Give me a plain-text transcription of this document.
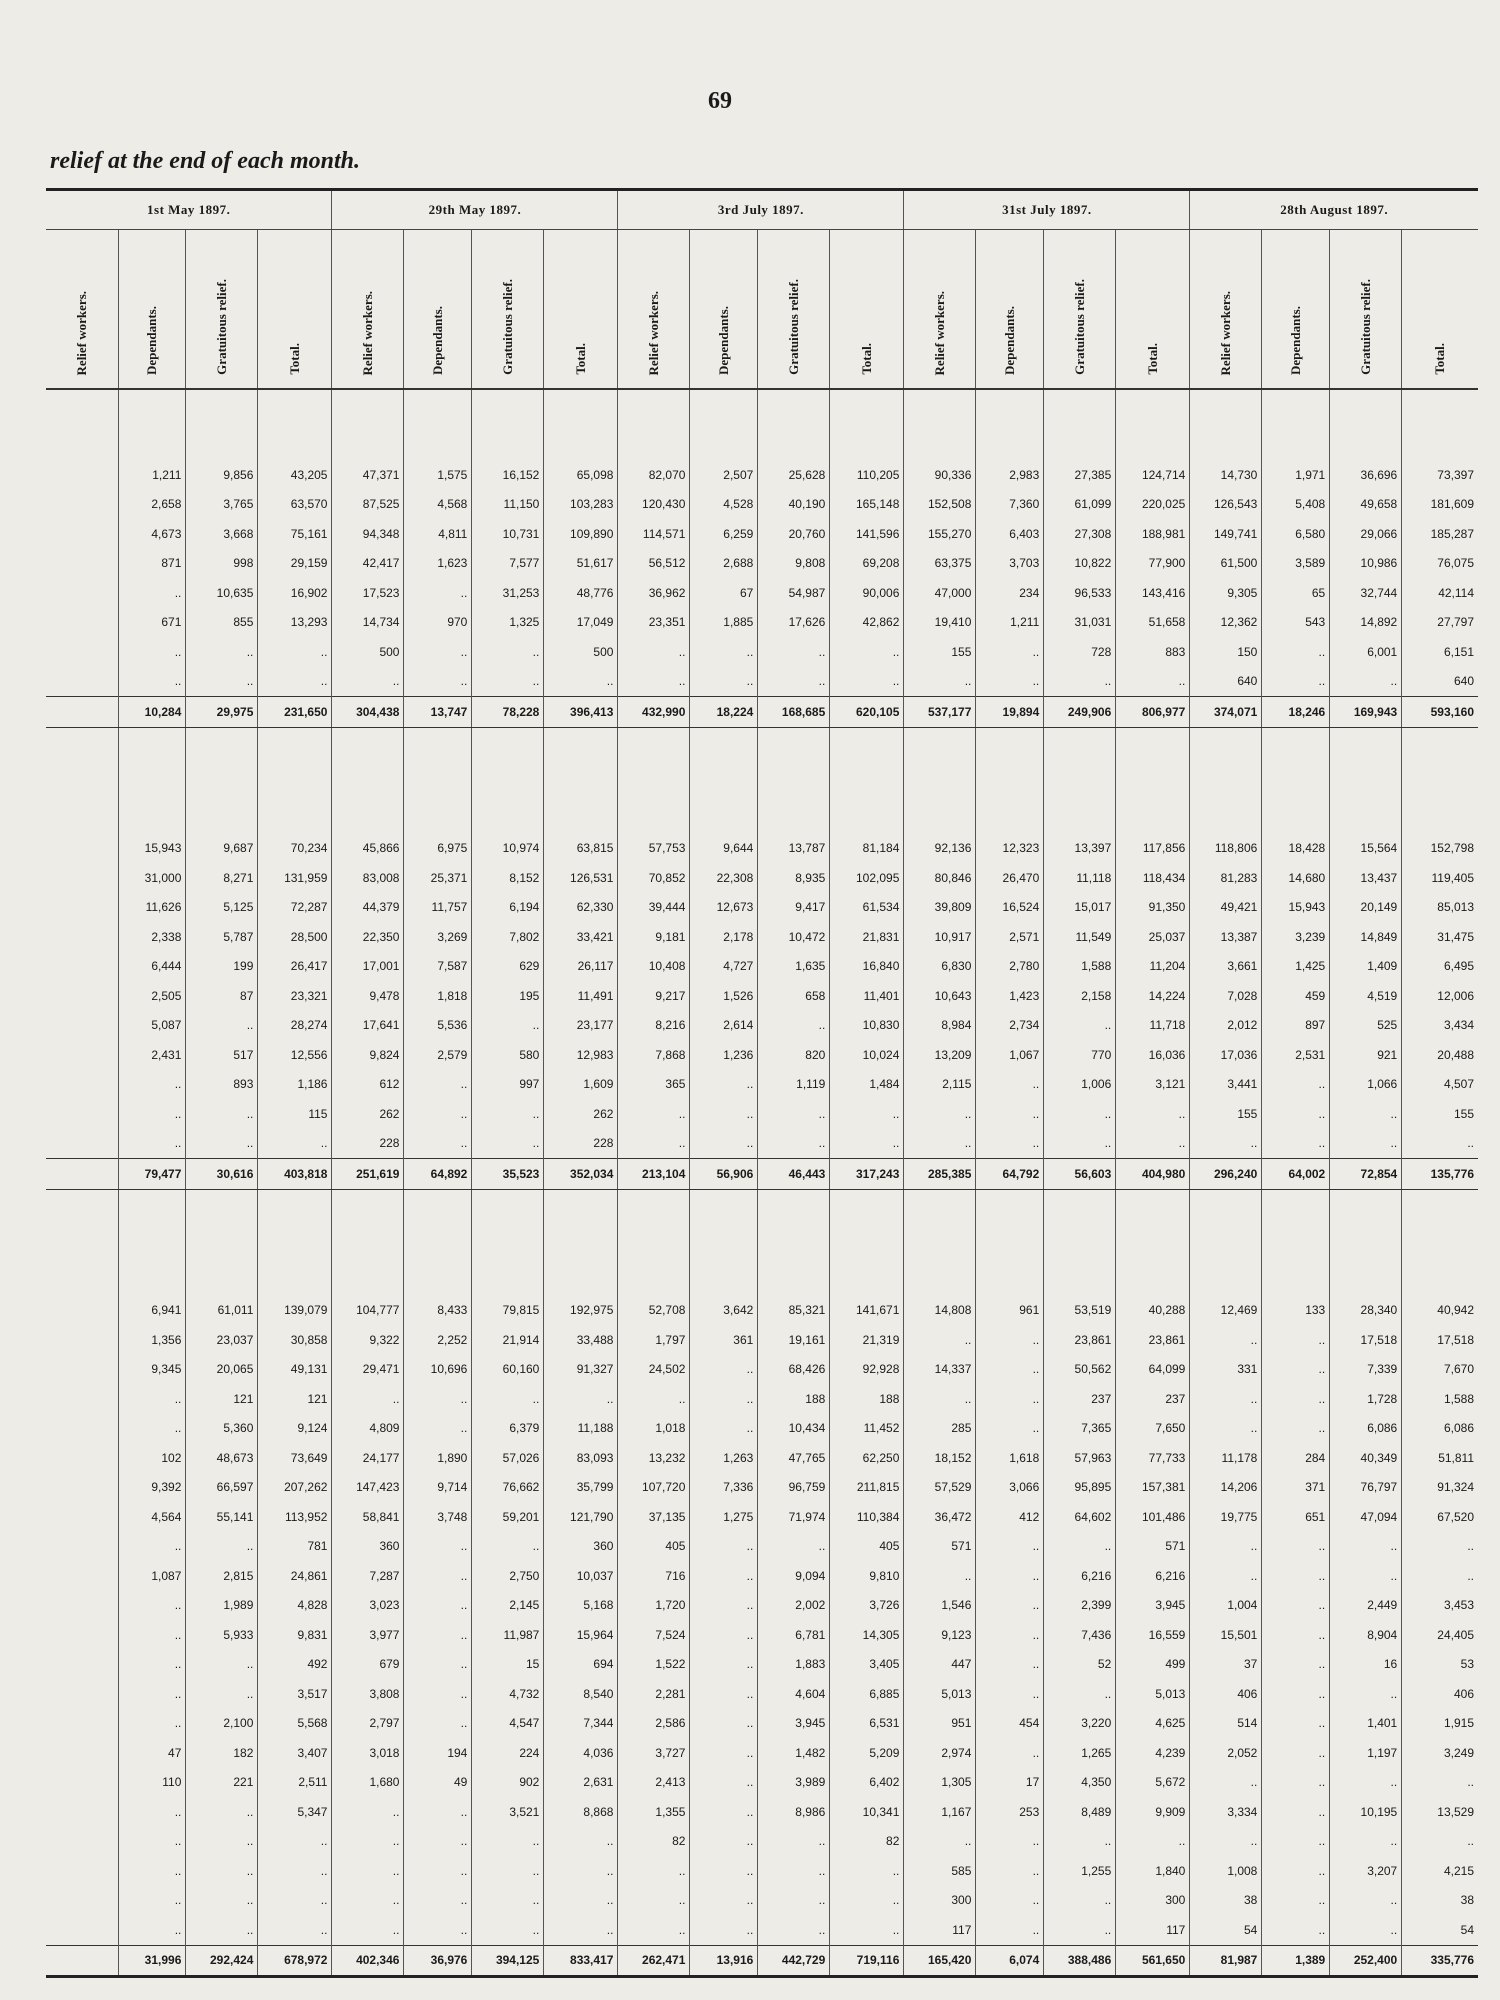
69
relief at the end of each month.
1st May 1897.				29th May 1897.				3rd July 1897.				31st July 1897.				28th August 1897.			
Relief workers.	Dependants.	Gratuitous relief.	Total.	Relief workers.	Dependants.	Gratuitous relief.	Total.	Relief workers.	Dependants.	Gratuitous relief.	Total.	Relief workers.	Dependants.	Gratuitous relief.	Total.	Relief workers.	Dependants.	Gratuitous relief.	Total.

	1,211	9,856	43,205	47,371	1,575	16,152	65,098	82,070	2,507	25,628	110,205	90,336	2,983	27,385	124,714	14,730	1,971	36,696	73,397
	2,658	3,765	63,570	87,525	4,568	11,150	103,283	120,430	4,528	40,190	165,148	152,508	7,360	61,099	220,025	126,543	5,408	49,658	181,609
	4,673	3,668	75,161	94,348	4,811	10,731	109,890	114,571	6,259	20,760	141,596	155,270	6,403	27,308	188,981	149,741	6,580	29,066	185,287
	871	998	29,159	42,417	1,623	7,577	51,617	56,512	2,688	9,808	69,208	63,375	3,703	10,822	77,900	61,500	3,589	10,986	76,075
	..	10,635	16,902	17,523	..	31,253	48,776	36,962	67	54,987	90,006	47,000	234	96,533	143,416	9,305	65	32,744	42,114
	671	855	13,293	14,734	970	1,325	17,049	23,351	1,885	17,626	42,862	19,410	1,211	31,031	51,658	12,362	543	14,892	27,797
	..	..	..	500	..	..	500	..	..	..	..	155	..	728	883	150	..	6,001	6,151
	..	..	..	..	..	..	..	..	..	..	..	..	..	..	..	640	..	..	640
	10,284	29,975	231,650	304,438	13,747	78,228	396,413	432,990	18,224	168,685	620,105	537,177	19,894	249,906	806,977	374,071	18,246	169,943	593,160

	15,943	9,687	70,234	45,866	6,975	10,974	63,815	57,753	9,644	13,787	81,184	92,136	12,323	13,397	117,856	118,806	18,428	15,564	152,798
	31,000	8,271	131,959	83,008	25,371	8,152	126,531	70,852	22,308	8,935	102,095	80,846	26,470	11,118	118,434	81,283	14,680	13,437	119,405
	11,626	5,125	72,287	44,379	11,757	6,194	62,330	39,444	12,673	9,417	61,534	39,809	16,524	15,017	91,350	49,421	15,943	20,149	85,013
	2,338	5,787	28,500	22,350	3,269	7,802	33,421	9,181	2,178	10,472	21,831	10,917	2,571	11,549	25,037	13,387	3,239	14,849	31,475
	6,444	199	26,417	17,001	7,587	629	26,117	10,408	4,727	1,635	16,840	6,830	2,780	1,588	11,204	3,661	1,425	1,409	6,495
	2,505	87	23,321	9,478	1,818	195	11,491	9,217	1,526	658	11,401	10,643	1,423	2,158	14,224	7,028	459	4,519	12,006
	5,087	..	28,274	17,641	5,536	..	23,177	8,216	2,614	..	10,830	8,984	2,734	..	11,718	2,012	897	525	3,434
	2,431	517	12,556	9,824	2,579	580	12,983	7,868	1,236	820	10,024	13,209	1,067	770	16,036	17,036	2,531	921	20,488
	..	893	1,186	612	..	997	1,609	365	..	1,119	1,484	2,115	..	1,006	3,121	3,441	..	1,066	4,507
	..	..	115	262	..	..	262	..	..	..	..	..	..	..	..	155	..	..	155
	..	..	..	228	..	..	228	..	..	..	..	..	..	..	..	..	..	..	..
	79,477	30,616	403,818	251,619	64,892	35,523	352,034	213,104	56,906	46,443	317,243	285,385	64,792	56,603	404,980	296,240	64,002	72,854	135,776

	6,941	61,011	139,079	104,777	8,433	79,815	192,975	52,708	3,642	85,321	141,671	14,808	961	53,519	40,288	12,469	133	28,340	40,942
	1,356	23,037	30,858	9,322	2,252	21,914	33,488	1,797	361	19,161	21,319	..	..	23,861	23,861	..	..	17,518	17,518
	9,345	20,065	49,131	29,471	10,696	60,160	91,327	24,502	..	68,426	92,928	14,337	..	50,562	64,099	331	..	7,339	7,670
	..	121	121	..	..	..	..	..	..	188	188	..	..	237	237	..	..	1,728	1,588
	..	5,360	9,124	4,809	..	6,379	11,188	1,018	..	10,434	11,452	285	..	7,365	7,650	..	..	6,086	6,086
	102	48,673	73,649	24,177	1,890	57,026	83,093	13,232	1,263	47,765	62,250	18,152	1,618	57,963	77,733	11,178	284	40,349	51,811
	9,392	66,597	207,262	147,423	9,714	76,662	35,799	107,720	7,336	96,759	211,815	57,529	3,066	95,895	157,381	14,206	371	76,797	91,324
	4,564	55,141	113,952	58,841	3,748	59,201	121,790	37,135	1,275	71,974	110,384	36,472	412	64,602	101,486	19,775	651	47,094	67,520
	..	..	781	360	..	..	360	405	..	..	405	571	..	..	571	..	..	..	..
	1,087	2,815	24,861	7,287	..	2,750	10,037	716	..	9,094	9,810	..	..	6,216	6,216	..	..	..	..
	..	1,989	4,828	3,023	..	2,145	5,168	1,720	..	2,002	3,726	1,546	..	2,399	3,945	1,004	..	2,449	3,453
	..	5,933	9,831	3,977	..	11,987	15,964	7,524	..	6,781	14,305	9,123	..	7,436	16,559	15,501	..	8,904	24,405
	..	..	492	679	..	15	694	1,522	..	1,883	3,405	447	..	52	499	37	..	16	53
	..	..	3,517	3,808	..	4,732	8,540	2,281	..	4,604	6,885	5,013	..	..	5,013	406	..	..	406
	..	2,100	5,568	2,797	..	4,547	7,344	2,586	..	3,945	6,531	951	454	3,220	4,625	514	..	1,401	1,915
	47	182	3,407	3,018	194	224	4,036	3,727	..	1,482	5,209	2,974	..	1,265	4,239	2,052	..	1,197	3,249
	110	221	2,511	1,680	49	902	2,631	2,413	..	3,989	6,402	1,305	17	4,350	5,672	..	..	..	..
	..	..	5,347	..	..	3,521	8,868	1,355	..	8,986	10,341	1,167	253	8,489	9,909	3,334	..	10,195	13,529
	..	..	..	..	..	..	..	82	..	..	82	..	..	..	..	..	..	..	..
	..	..	..	..	..	..	..	..	..	..	..	585	..	1,255	1,840	1,008	..	3,207	4,215
	..	..	..	..	..	..	..	..	..	..	..	300	..	..	300	38	..	..	38
	..	..	..	..	..	..	..	..	..	..	..	117	..	..	117	54	..	..	54
	31,996	292,424	678,972	402,346	36,976	394,125	833,417	262,471	13,916	442,729	719,116	165,420	6,074	388,486	561,650	81,987	1,389	252,400	335,776
